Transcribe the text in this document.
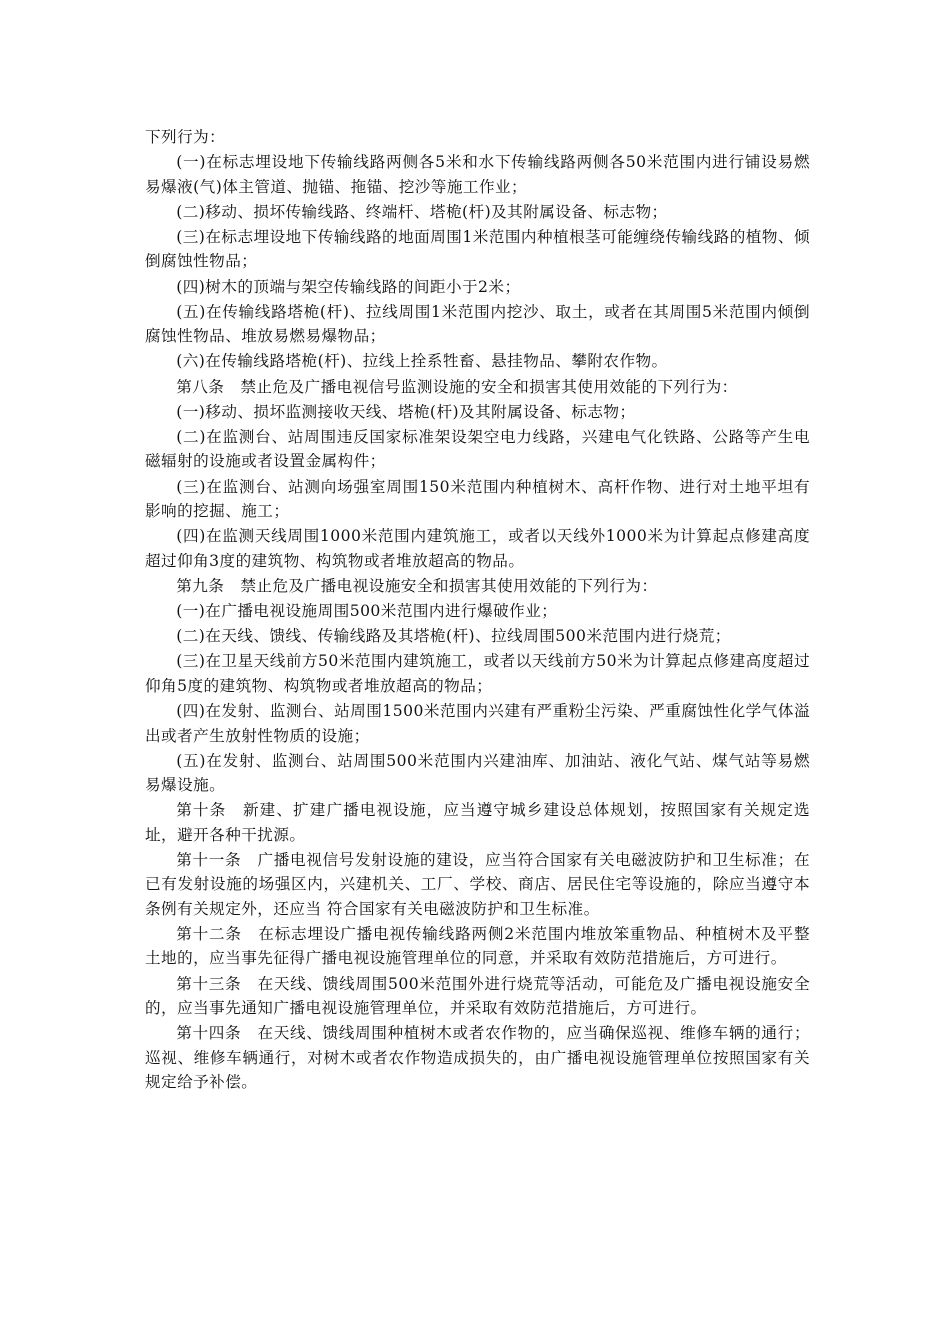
下列行为：

(一)在标志埋设地下传输线路两侧各5米和水下传输线路两侧各50米范围内进行铺设易燃易爆液(气)体主管道、抛锚、拖锚、挖沙等施工作业；

(二)移动、损坏传输线路、终端杆、塔桅(杆)及其附属设备、标志物；

(三)在标志埋设地下传输线路的地面周围1米范围内种植根茎可能缠绕传输线路的植物、倾倒腐蚀性物品；

(四)树木的顶端与架空传输线路的间距小于2米；

(五)在传输线路塔桅(杆)、拉线周围1米范围内挖沙、取土，或者在其周围5米范围内倾倒腐蚀性物品、堆放易燃易爆物品；

(六)在传输线路塔桅(杆)、拉线上拴系牲畜、悬挂物品、攀附农作物。

第八条　禁止危及广播电视信号监测设施的安全和损害其使用效能的下列行为：

(一)移动、损坏监测接收天线、塔桅(杆)及其附属设备、标志物；

(二)在监测台、站周围违反国家标准架设架空电力线路，兴建电气化铁路、公路等产生电磁辐射的设施或者设置金属构件；

(三)在监测台、站测向场强室周围150米范围内种植树木、高杆作物、进行对土地平坦有影响的挖掘、施工；

(四)在监测天线周围1000米范围内建筑施工，或者以天线外1000米为计算起点修建高度超过仰角3度的建筑物、构筑物或者堆放超高的物品。

第九条　禁止危及广播电视设施安全和损害其使用效能的下列行为：

(一)在广播电视设施周围500米范围内进行爆破作业；

(二)在天线、馈线、传输线路及其塔桅(杆)、拉线周围500米范围内进行烧荒；

(三)在卫星天线前方50米范围内建筑施工，或者以天线前方50米为计算起点修建高度超过仰角5度的建筑物、构筑物或者堆放超高的物品；

(四)在发射、监测台、站周围1500米范围内兴建有严重粉尘污染、严重腐蚀性化学气体溢出或者产生放射性物质的设施；

(五)在发射、监测台、站周围500米范围内兴建油库、加油站、液化气站、煤气站等易燃易爆设施。

第十条　新建、扩建广播电视设施，应当遵守城乡建设总体规划，按照国家有关规定选址，避开各种干扰源。

第十一条　广播电视信号发射设施的建设，应当符合国家有关电磁波防护和卫生标准；在已有发射设施的场强区内，兴建机关、工厂、学校、商店、居民住宅等设施的，除应当遵守本条例有关规定外，还应当 符合国家有关电磁波防护和卫生标准。

第十二条　在标志埋设广播电视传输线路两侧2米范围内堆放笨重物品、种植树木及平整土地的，应当事先征得广播电视设施管理单位的同意，并采取有效防范措施后，方可进行。

第十三条　在天线、馈线周围500米范围外进行烧荒等活动，可能危及广播电视设施安全的，应当事先通知广播电视设施管理单位，并采取有效防范措施后，方可进行。

第十四条　在天线、馈线周围种植树木或者农作物的，应当确保巡视、维修车辆的通行；巡视、维修车辆通行，对树木或者农作物造成损失的，由广播电视设施管理单位按照国家有关规定给予补偿。
